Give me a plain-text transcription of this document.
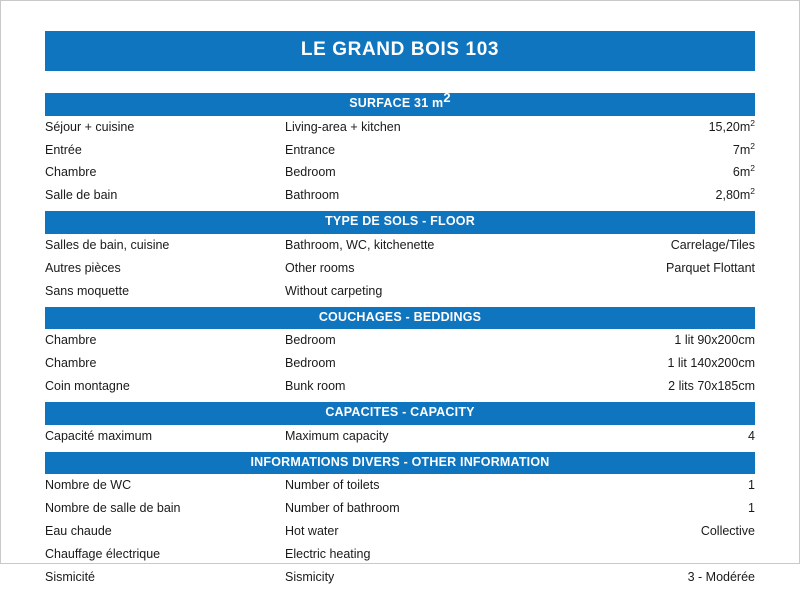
LE GRAND BOIS 103
SURFACE 31 m2
Séjour + cuisine	Living-area + kitchen	$15,20m^2$
Entrée	Entrance	$7m^2$
Chambre	Bedroom	$6m^2$
Salle de bain	Bathroom	$2,80m^2$
TYPE DE SOLS - FLOOR
Salles de bain, cuisine	Bathroom, WC, kitchenette	Carrelage/Tiles
Autres pièces	Other rooms	Parquet Flottant
Sans moquette	Without carpeting	
COUCHAGES - BEDDINGS
Chambre	Bedroom	1 lit 90x200cm
Chambre	Bedroom	1 lit 140x200cm
Coin montagne	Bunk room	2 lits 70x185cm
CAPACITES - CAPACITY
Capacité maximum	Maximum capacity	4
INFORMATIONS DIVERS - OTHER INFORMATION
Nombre de WC	Number of toilets	1
Nombre de salle de bain	Number of bathroom	1
Eau chaude	Hot water	Collective
Chauffage électrique	Electric heating	
Sismicité	Sismicity	3 - Modérée
